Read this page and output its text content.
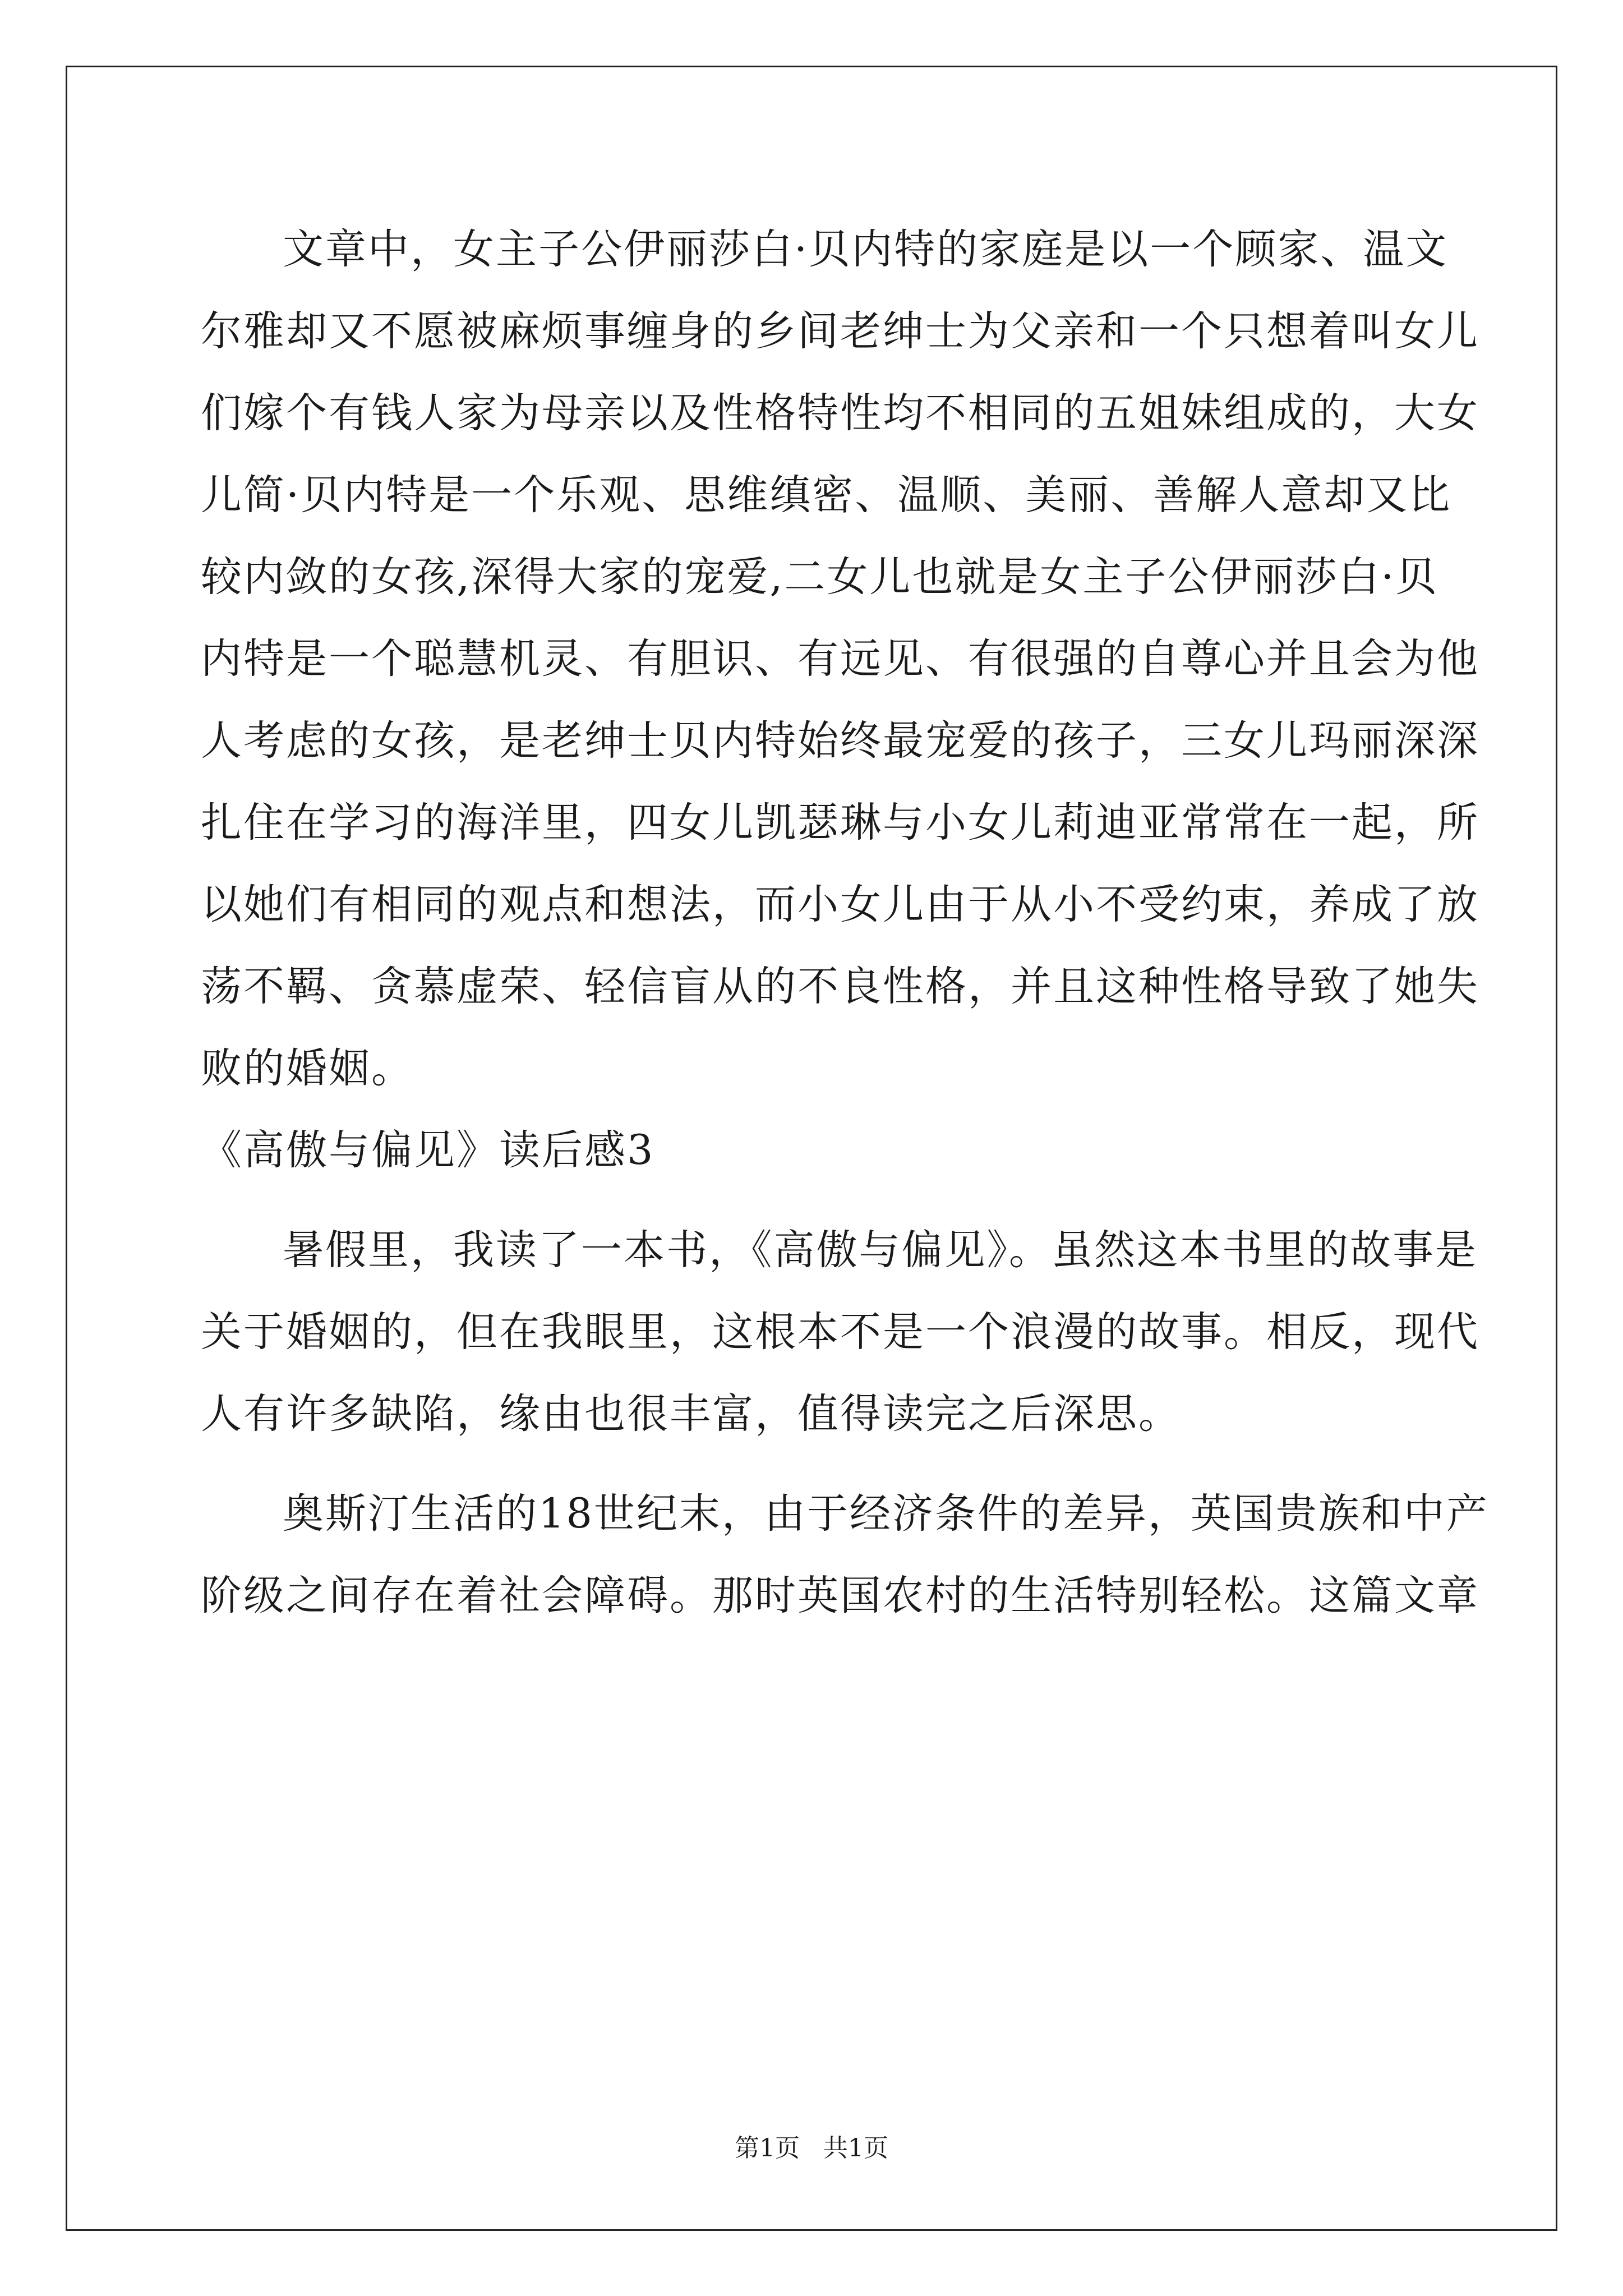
文章中，女主子公伊丽莎白·贝内特的家庭是以一个顾家、温文

尔雅却又不愿被麻烦事缠身的乡间老绅士为父亲和一个只想着叫女儿

们嫁个有钱人家为母亲以及性格特性均不相同的五姐妹组成的，大女

儿简·贝内特是一个乐观、思维缜密、温顺、美丽、善解人意却又比

较内敛的女孩,深得大家的宠爱,二女儿也就是女主子公伊丽莎白·贝

内特是一个聪慧机灵、有胆识、有远见、有很强的自尊心并且会为他

人考虑的女孩，是老绅士贝内特始终最宠爱的孩子，三女儿玛丽深深

扎住在学习的海洋里，四女儿凯瑟琳与小女儿莉迪亚常常在一起，所

以她们有相同的观点和想法，而小女儿由于从小不受约束，养成了放

荡不羁、贪慕虚荣、轻信盲从的不良性格，并且这种性格导致了她失

败的婚姻。

《高傲与偏见》读后感3

暑假里，我读了一本书，《高傲与偏见》。虽然这本书里的故事是

关于婚姻的，但在我眼里，这根本不是一个浪漫的故事。相反，现代

人有许多缺陷，缘由也很丰富，值得读完之后深思。

奥斯汀生活的18世纪末，由于经济条件的差异，英国贵族和中产

阶级之间存在着社会障碍。那时英国农村的生活特别轻松。这篇文章

第1页   共1页
